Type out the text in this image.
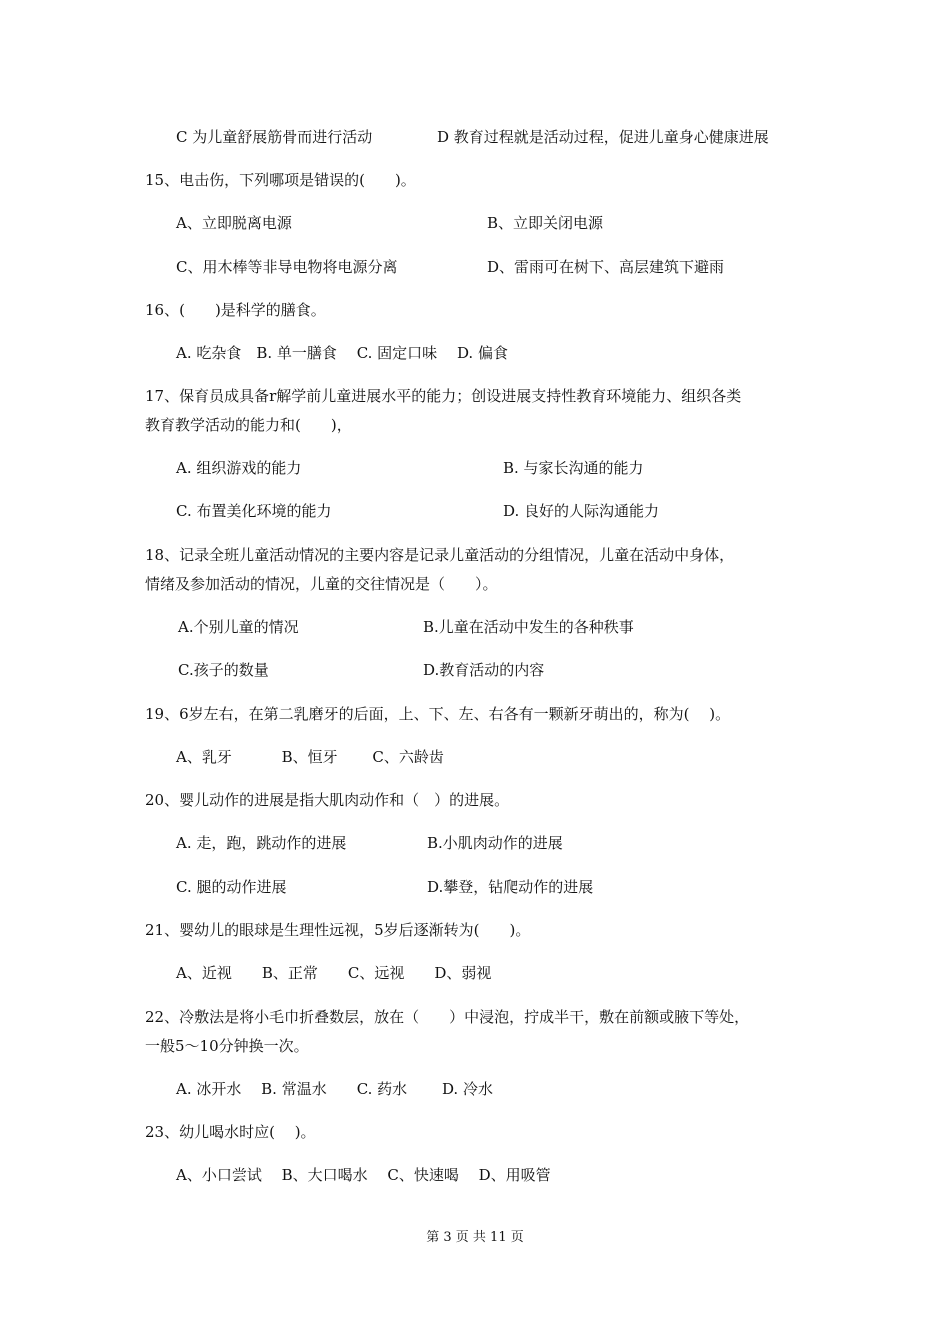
C 为儿童舒展筋骨而进行活动	D 教育过程就是活动过程，促进儿童身心健康进展
15、电击伤，下列哪项是错误的(　　)。
A、立即脱离电源	B、立即关闭电源
C、用木棒等非导电物将电源分离	D、雷雨可在树下、高层建筑下避雨
16、(　　)是科学的膳食。
A. 吃杂食　B. 单一膳食　 C. 固定口味　 D. 偏食
17、保育员成具备r解学前儿童进展水平的能力；创设进展支持性教育环境能力、组织各类
教育教学活动的能力和(　　)，
A. 组织游戏的能力	B. 与家长沟通的能力
C. 布置美化环境的能力	D. 良好的人际沟通能力
18、记录全班儿童活动情况的主要内容是记录儿童活动的分组情况，儿童在活动中身体，
情绪及参加活动的情况，儿童的交往情况是（　　）。
A.个别儿童的情况	B.儿童在活动中发生的各种秩事
C.孩子的数量	D.教育活动的内容
19、6岁左右，在第二乳磨牙的后面，上、下、左、右各有一颗新牙萌出的，称为(　 )。
A、乳牙　　　 B、恒牙　　 C、六龄齿
20、婴儿动作的进展是指大肌肉动作和（　）的进展。
A. 走，跑，跳动作的进展	B.小肌肉动作的进展
C. 腿的动作进展	D.攀登，钻爬动作的进展
21、婴幼儿的眼球是生理性远视，5岁后逐渐转为(　　)。
A、近视　　B、正常　　C、远视　　D、弱视
22、冷敷法是将小毛巾折叠数层，放在（　　）中浸泡，拧成半干，敷在前额或腋下等处，
一般5～10分钟换一次。
A. 冰开水　 B. 常温水　　C. 药水　　 D. 冷水
23、幼儿喝水时应(　 )。
A、小口尝试　 B、大口喝水　 C、快速喝　 D、用吸管
第 3 页 共 11 页
